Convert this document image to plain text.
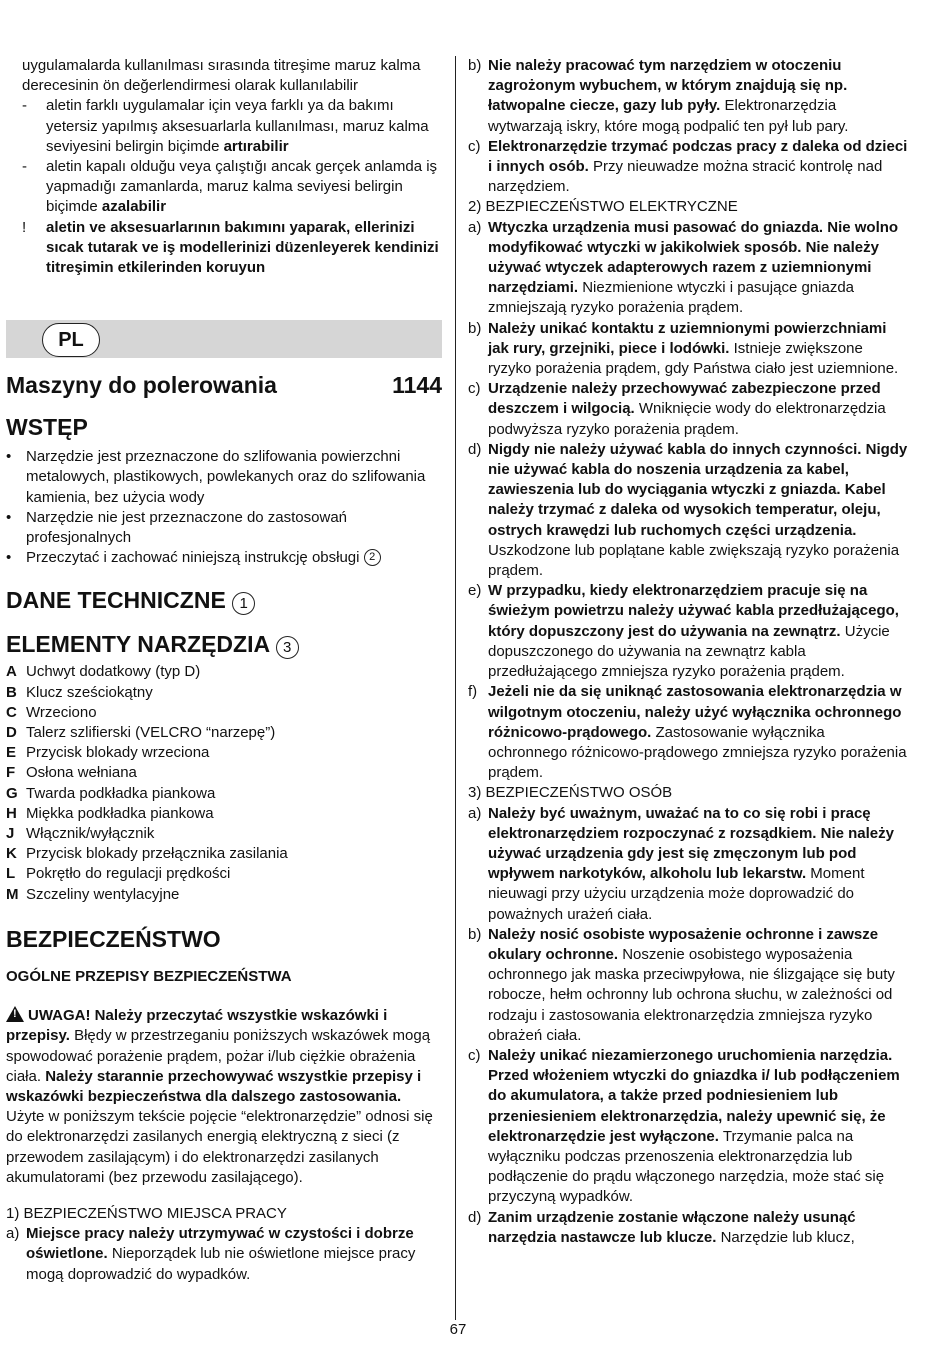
uygulamalarda kullanılması sırasında titreşime maruz kalma derecesinin ön değerlendirmesi olarak kullanılabilir

- aletin farklı uygulamalar için veya farklı ya da bakımı yetersiz yapılmış aksesuarlarla kullanılması, maruz kalma seviyesini belirgin biçimde artırabilir
- aletin kapalı olduğu veya çalıştığı ancak gerçek anlamda iş yapmadığı zamanlarda, maruz kalma seviyesi belirgin biçimde azalabilir
! aletin ve aksesuarlarının bakımını yaparak, ellerinizi sıcak tutarak ve iş modellerinizi düzenleyerek kendinizi titreşimin etkilerinden koruyun
PL
Maszyny do polerowania	1144
WSTĘP
• Narzędzie jest przeznaczone do szlifowania powierzchni metalowych, plastikowych, powlekanych oraz do szlifowania kamienia, bez użycia wody
• Narzędzie nie jest przeznaczone do zastosowań profesjonalnych
• Przeczytać i zachować niniejszą instrukcję obsługi 2
DANE TECHNICZNE 1
ELEMENTY NARZĘDZIA 3
A Uchwyt dodatkowy (typ D)
B Klucz sześciokątny
C Wrzeciono
D Talerz szlifierski (VELCRO “narzepę”)
E Przycisk blokady wrzeciona
F Osłona wełniana
G Twarda podkładka piankowa
H Miękka podkładka piankowa
J Włącznik/wyłącznik
K Przycisk blokady przełącznika zasilania
L Pokrętło do regulacji prędkości
M Szczeliny wentylacyjne
BEZPIECZEŃSTWO

OGÓLNE PRZEPISY BEZPIECZEŃSTWA

!UWAGA! Należy przeczytać wszystkie wskazówki i przepisy. Błędy w przestrzeganiu poniższych wskazówek mogą spowodować porażenie prądem, pożar i/lub ciężkie obrażenia ciała. Należy starannie przechowywać wszystkie przepisy i wskazówki bezpieczeństwa dla dalszego zastosowania. Użyte w poniższym tekście pojęcie “elektronarzędzie” odnosi się do elektronarzędzi zasilanych energią elektryczną z sieci (z przewodem zasilającym) i do elektronarzędzi zasilanych akumulatorami (bez przewodu zasilającego).

1) BEZPIECZEŃSTWO MIEJSCA PRACY

a) Miejsce pracy należy utrzymywać w czystości i dobrze oświetlone. Nieporządek lub nie oświetlone miejsce pracy mogą doprowadzić do wypadków.
b) Nie należy pracować tym narzędziem w otoczeniu zagrożonym wybuchem, w którym znajdują się np. łatwopalne ciecze, gazy lub pyły. Elektronarzędzia wytwarzają iskry, które mogą podpalić ten pył lub pary.
c) Elektronarzędzie trzymać podczas pracy z daleka od dzieci i innych osób. Przy nieuwadze można stracić kontrolę nad narzędziem.

2) BEZPIECZEŃSTWO ELEKTRYCZNE

a) Wtyczka urządzenia musi pasować do gniazda. Nie wolno modyfikować wtyczki w jakikolwiek sposób. Nie należy używać wtyczek adapterowych razem z uziemnionymi narzędziami. Niezmienione wtyczki i pasujące gniazda zmniejszają ryzyko porażenia prądem.
b) Należy unikać kontaktu z uziemnionymi powierzchniami jak rury, grzejniki, piece i lodówki. Istnieje zwiększone ryzyko porażenia prądem, gdy Państwa ciało jest uziemnione.
c) Urządzenie należy przechowywać zabezpieczone przed deszczem i wilgocią. Wniknięcie wody do elektronarzędzia podwyższa ryzyko porażenia prądem.
d) Nigdy nie należy używać kabla do innych czynności. Nigdy nie używać kabla do noszenia urządzenia za kabel, zawieszenia lub do wyciągania wtyczki z gniazda. Kabel należy trzymać z daleka od wysokich temperatur, oleju, ostrych krawędzi lub ruchomych części urządzenia. Uszkodzone lub poplątane kable zwiększają ryzyko porażenia prądem.
e) W przypadku, kiedy elektronarzędziem pracuje się na świeżym powietrzu należy używać kabla przedłużającego, który dopuszczony jest do używania na zewnątrz. Użycie dopuszczonego do używania na zewnątrz kabla przedłużającego zmniejsza ryzyko porażenia prądem.
f) Jeżeli nie da się uniknąć zastosowania elektronarzędzia w wilgotnym otoczeniu, należy użyć wyłącznika ochronnego różnicowo-prądowego. Zastosowanie wyłącznika ochronnego różnicowo-prądowego zmniejsza ryzyko porażenia prądem.

3) BEZPIECZEŃSTWO OSÓB

a) Należy być uważnym, uważać na to co się robi i pracę elektronarzędziem rozpoczynać z rozsądkiem. Nie należy używać urządzenia gdy jest się zmęczonym lub pod wpływem narkotyków, alkoholu lub lekarstw. Moment nieuwagi przy użyciu urządzenia może doprowadzić do poważnych urażeń ciała.
b) Należy nosić osobiste wyposażenie ochronne i zawsze okulary ochronne. Noszenie osobistego wyposażenia ochronnego jak maska przeciwpyłowa, nie ślizgające się buty robocze, hełm ochronny lub ochrona słuchu, w zależności od rodzaju i zastosowania elektronarzędzia zmniejsza ryzyko obrażeń ciała.
c) Należy unikać niezamierzonego uruchomienia narzędzia. Przed włożeniem wtyczki do gniazdka i/ lub podłączeniem do akumulatora, a także przed podniesieniem lub przeniesieniem elektronarzędzia, należy upewnić się, że elektronarzędzie jest wyłączone. Trzymanie palca na wyłączniku podczas przenoszenia elektronarzędzia lub podłączenie do prądu włączonego narzędzia, może stać się przyczyną wypadków.
d) Zanim urządzenie zostanie włączone należy usunąć narzędzia nastawcze lub klucze. Narzędzie lub klucz,
67
